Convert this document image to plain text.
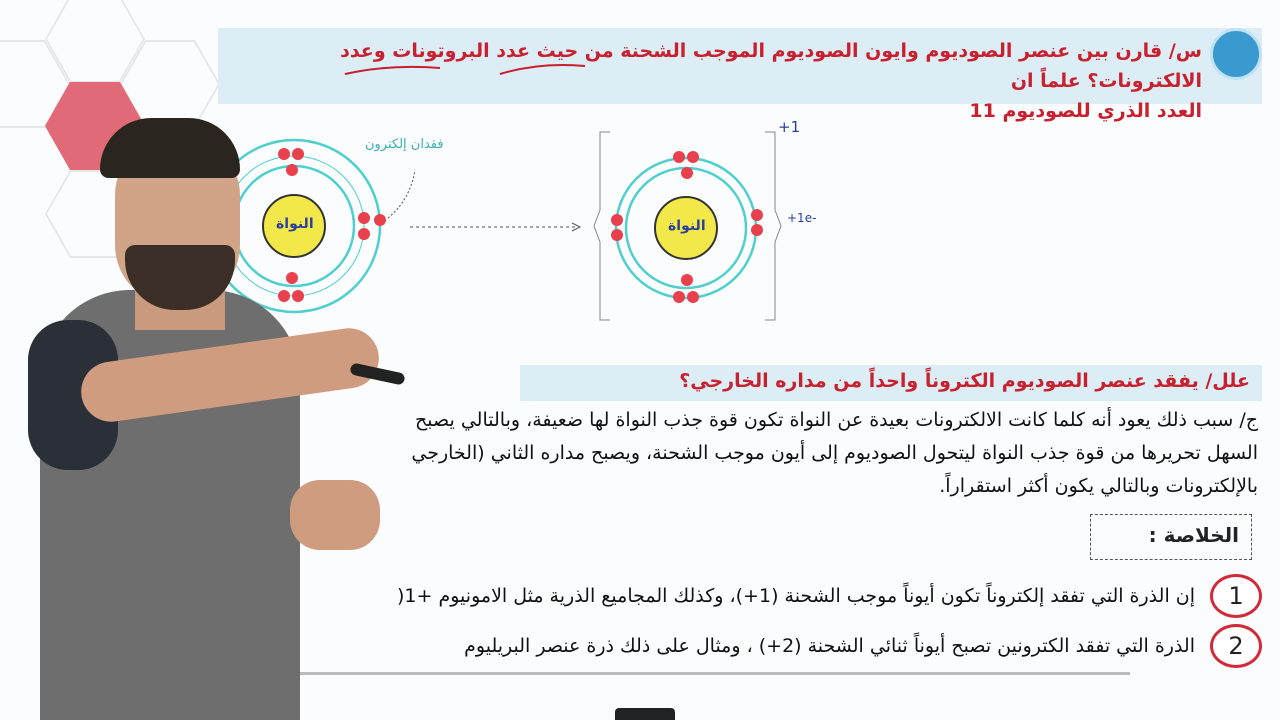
س/ قارن بين عنصر الصوديوم وايون الصوديوم الموجب الشحنة من حيث عدد البروتونات وعدد الالكترونات؟ علماً ان
العدد الذري للصوديوم 11
فقدان إلكترون
النواة	النواة
+1
+1e-
علل/ يفقد عنصر الصوديوم الكتروناً واحداً من مداره الخارجي؟
ج/ سبب ذلك يعود أنه كلما كانت الالكترونات بعيدة عن النواة تكون قوة جذب النواة لها ضعيفة، وبالتالي يصبح
السهل تحريرها من قوة جذب النواة ليتحول الصوديوم إلى أيون موجب الشحنة، ويصبح مداره الثاني (الخارجي
بالإلكترونات وبالتالي يكون أكثر استقراراً.
الخلاصة :
1
إن الذرة التي تفقد إلكتروناً تكون أيوناً موجب الشحنة (1+)، وكذلك المجاميع الذرية مثل الامونيوم +1(
2
الذرة التي تفقد الكترونين تصبح أيوناً ثنائي الشحنة (2+) ، ومثال على ذلك ذرة عنصر البريليوم
